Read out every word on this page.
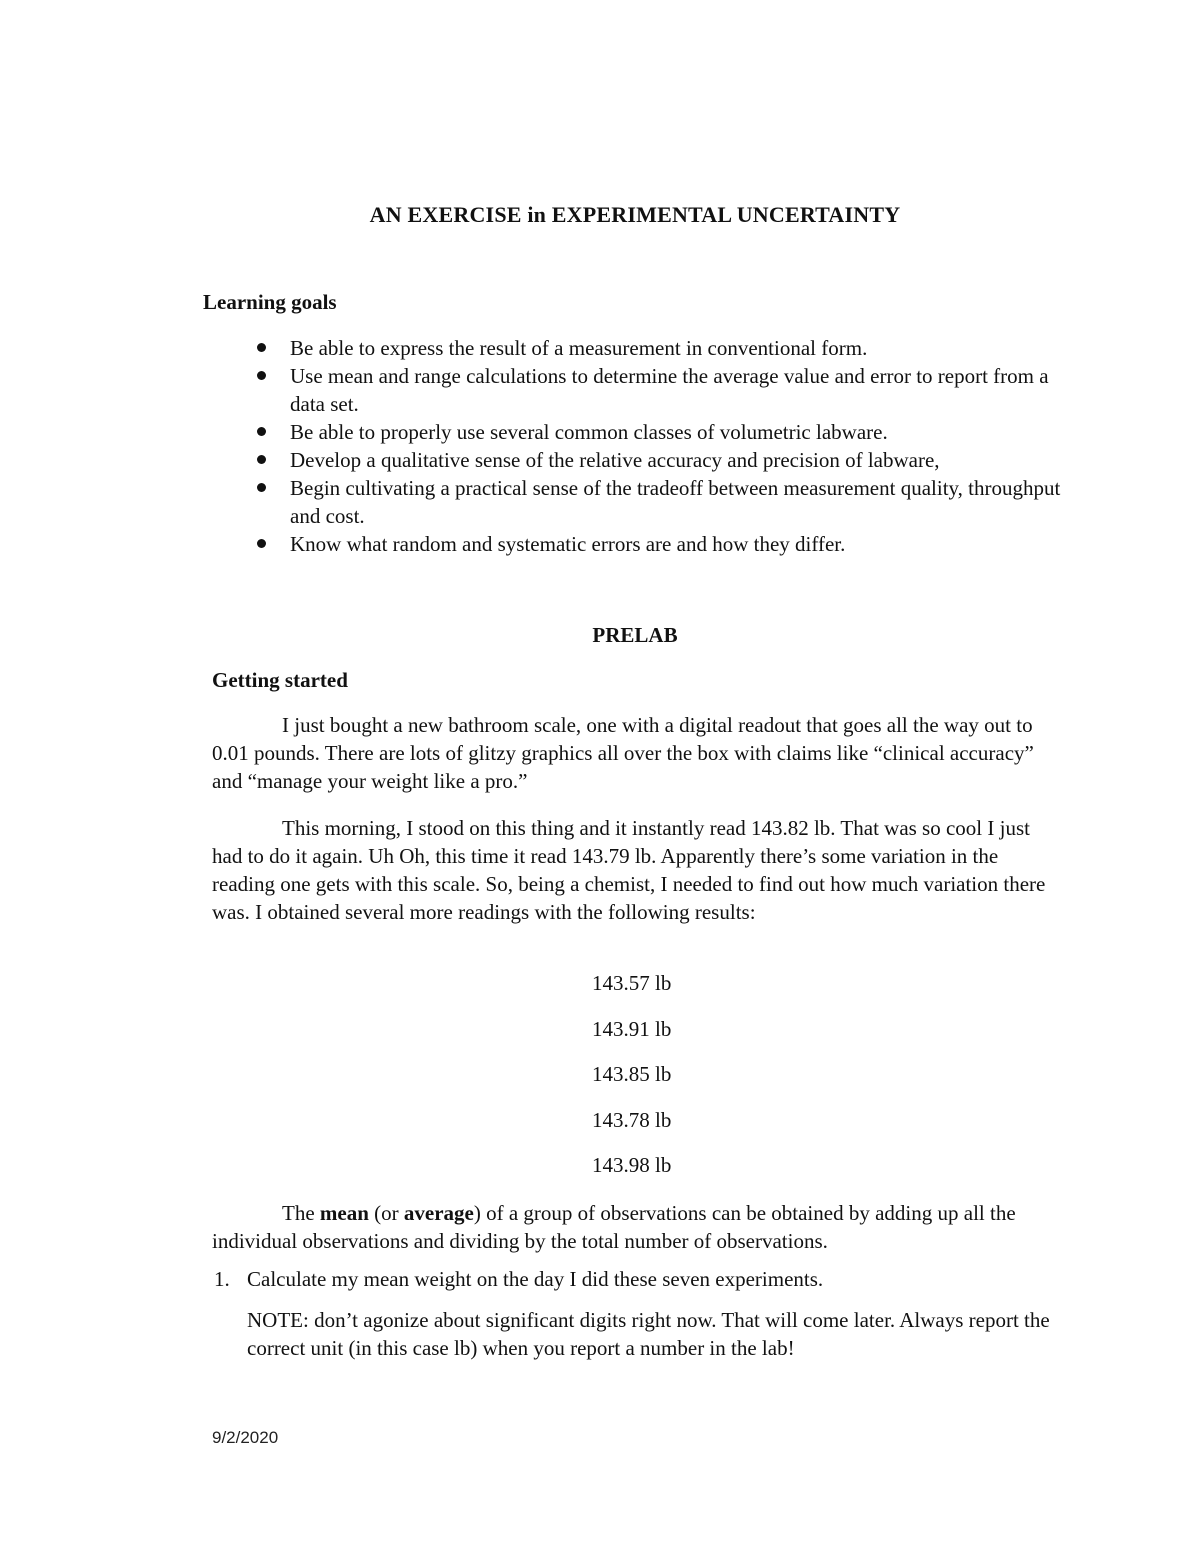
AN EXERCISE in EXPERIMENTAL UNCERTAINTY
Learning goals
Be able to express the result of a measurement in conventional form.
Use mean and range calculations to determine the average value and error to report from a data set.
Be able to properly use several common classes of volumetric labware.
Develop a qualitative sense of the relative accuracy and precision of labware,
Begin cultivating a practical sense of the tradeoff between measurement quality, throughput and cost.
Know what random and systematic errors are and how they differ.
PRELAB
Getting started

I just bought a new bathroom scale, one with a digital readout that goes all the way out to 0.01 pounds. There are lots of glitzy graphics all over the box with claims like “clinical accuracy” and “manage your weight like a pro.”

This morning, I stood on this thing and it instantly read 143.82 lb. That was so cool I just had to do it again. Uh Oh, this time it read 143.79 lb. Apparently there’s some variation in the reading one gets with this scale. So, being a chemist, I needed to find out how much variation there was. I obtained several more readings with the following results:

143.57 lb
143.91 lb
143.85 lb
143.78 lb
143.98 lb

The mean (or average) of a group of observations can be obtained by adding up all the individual observations and dividing by the total number of observations.

1. Calculate my mean weight on the day I did these seven experiments.

NOTE: don’t agonize about significant digits right now. That will come later. Always report the correct unit (in this case lb) when you report a number in the lab!

9/2/2020
